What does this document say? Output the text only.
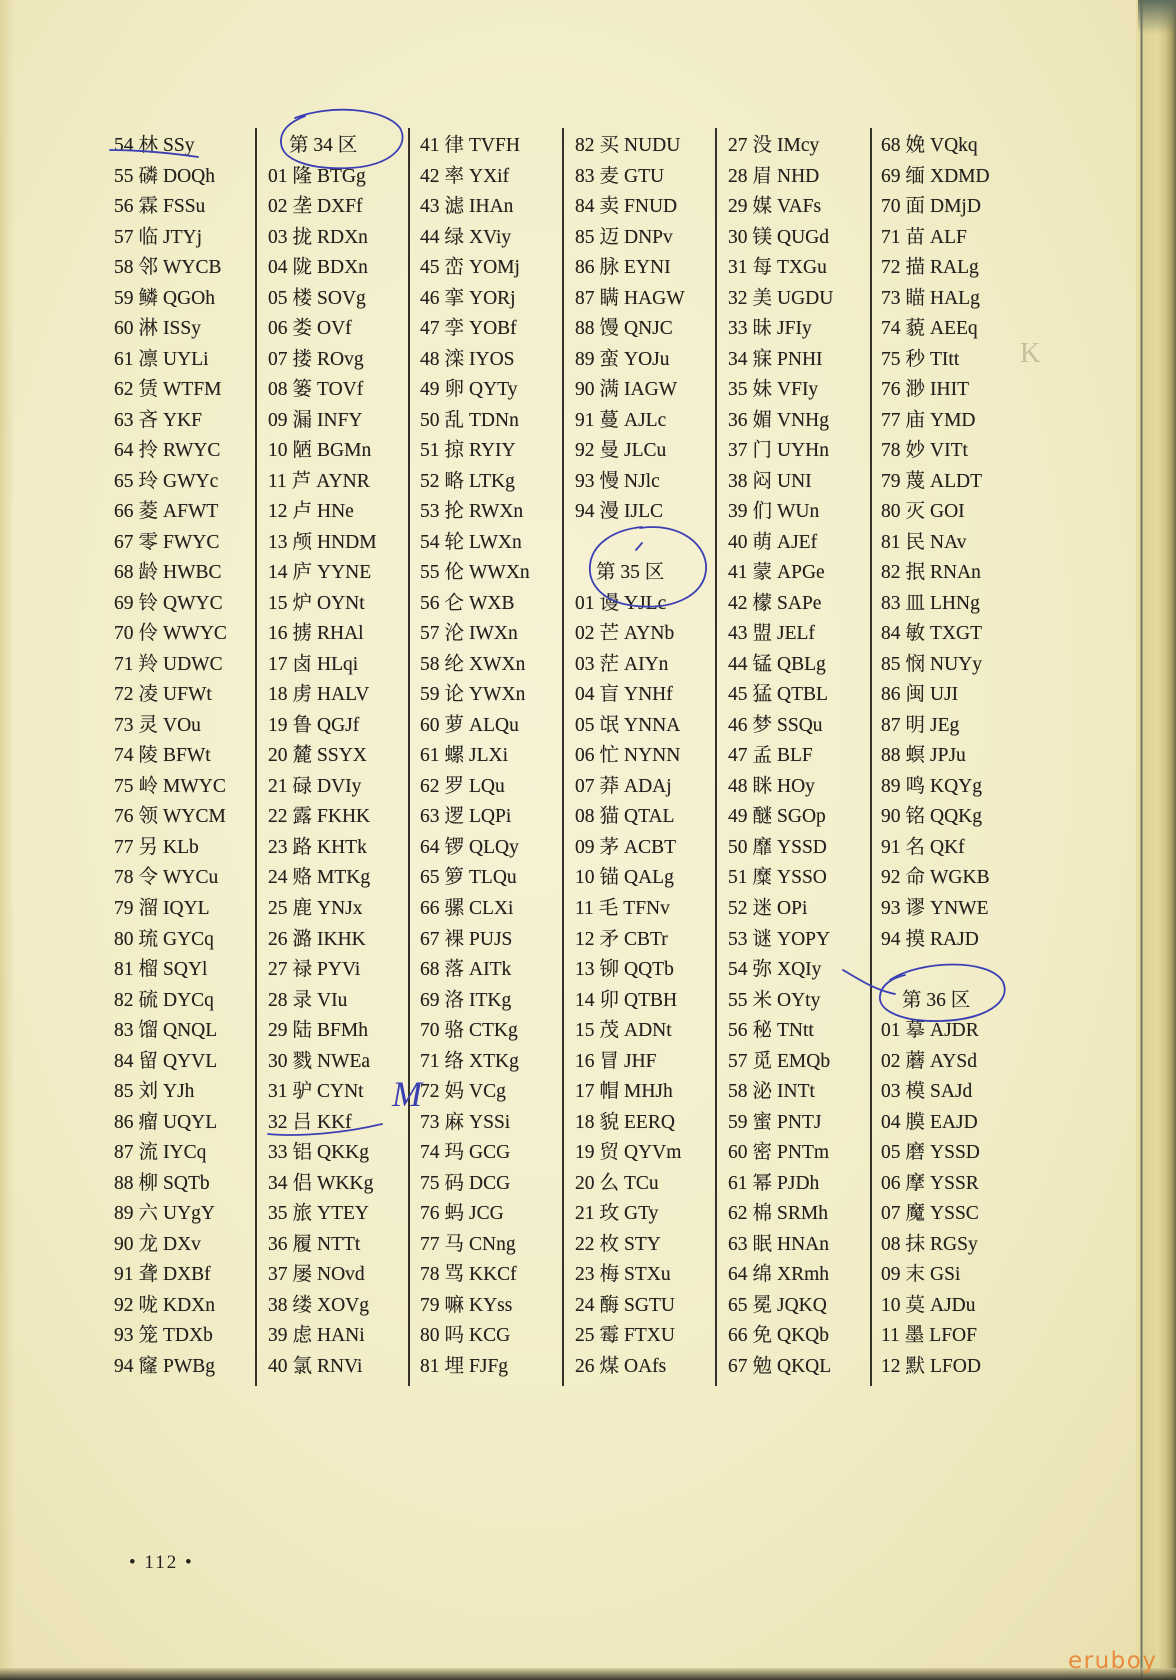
54 林 SSy
55 磷 DOQh
56 霖 FSSu
57 临 JTYj
58 邻 WYCB
59 鳞 QGOh
60 淋 ISSy
61 凛 UYLi
62 赁 WTFM
63 吝 YKF
64 拎 RWYC
65 玲 GWYc
66 菱 AFWT
67 零 FWYC
68 龄 HWBC
69 铃 QWYC
70 伶 WWYC
71 羚 UDWC
72 凌 UFWt
73 灵 VOu
74 陵 BFWt
75 岭 MWYC
76 领 WYCM
77 另 KLb
78 令 WYCu
79 溜 IQYL
80 琉 GYCq
81 榴 SQYl
82 硫 DYCq
83 馏 QNQL
84 留 QYVL
85 刘 YJh
86 瘤 UQYL
87 流 IYCq
88 柳 SQTb
89 六 UYgY
90 龙 DXv
91 聋 DXBf
92 咙 KDXn
93 笼 TDXb
94 窿 PWBg
第 34 区
01 隆 BTGg
02 垄 DXFf
03 拢 RDXn
04 陇 BDXn
05 楼 SOVg
06 娄 OVf
07 搂 ROvg
08 篓 TOVf
09 漏 INFY
10 陋 BGMn
11 芦 AYNR
12 卢 HNe
13 颅 HNDM
14 庐 YYNE
15 炉 OYNt
16 掳 RHAl
17 卤 HLqi
18 虏 HALV
19 鲁 QGJf
20 麓 SSYX
21 碌 DVIy
22 露 FKHK
23 路 KHTk
24 赂 MTKg
25 鹿 YNJx
26 潞 IKHK
27 禄 PYVi
28 录 VIu
29 陆 BFMh
30 戮 NWEa
31 驴 CYNt
32 吕 KKf
33 铝 QKKg
34 侣 WKKg
35 旅 YTEY
36 履 NTTt
37 屡 NOvd
38 缕 XOVg
39 虑 HANi
40 氯 RNVi
41 律 TVFH
42 率 YXif
43 滤 IHAn
44 绿 XViy
45 峦 YOMj
46 挛 YORj
47 孪 YOBf
48 滦 IYOS
49 卵 QYTy
50 乱 TDNn
51 掠 RYIY
52 略 LTKg
53 抡 RWXn
54 轮 LWXn
55 伦 WWXn
56 仑 WXB
57 沦 IWXn
58 纶 XWXn
59 论 YWXn
60 萝 ALQu
61 螺 JLXi
62 罗 LQu
63 逻 LQPi
64 锣 QLQy
65 箩 TLQu
66 骡 CLXi
67 裸 PUJS
68 落 AITk
69 洛 ITKg
70 骆 CTKg
71 络 XTKg
72 妈 VCg
73 麻 YSSi
74 玛 GCG
75 码 DCG
76 蚂 JCG
77 马 CNng
78 骂 KKCf
79 嘛 KYss
80 吗 KCG
81 埋 FJFg
82 买 NUDU
83 麦 GTU
84 卖 FNUD
85 迈 DNPv
86 脉 EYNI
87 瞒 HAGW
88 馒 QNJC
89 蛮 YOJu
90 满 IAGW
91 蔓 AJLc
92 曼 JLCu
93 慢 NJlc
94 漫 IJLC
第 35 区
01 谩 YJLc
02 芒 AYNb
03 茫 AIYn
04 盲 YNHf
05 氓 YNNA
06 忙 NYNN
07 莽 ADAj
08 猫 QTAL
09 茅 ACBT
10 锚 QALg
11 毛 TFNv
12 矛 CBTr
13 铆 QQTb
14 卯 QTBH
15 茂 ADNt
16 冒 JHF
17 帽 MHJh
18 貌 EERQ
19 贸 QYVm
20 么 TCu
21 玫 GTy
22 枚 STY
23 梅 STXu
24 酶 SGTU
25 霉 FTXU
26 煤 OAfs
27 没 IMcy
28 眉 NHD
29 媒 VAFs
30 镁 QUGd
31 每 TXGu
32 美 UGDU
33 昧 JFIy
34 寐 PNHI
35 妹 VFIy
36 媚 VNHg
37 门 UYHn
38 闷 UNI
39 们 WUn
40 萌 AJEf
41 蒙 APGe
42 檬 SAPe
43 盟 JELf
44 锰 QBLg
45 猛 QTBL
46 梦 SSQu
47 孟 BLF
48 眯 HOy
49 醚 SGOp
50 靡 YSSD
51 糜 YSSO
52 迷 OPi
53 谜 YOPY
54 弥 XQIy
55 米 OYty
56 秘 TNtt
57 觅 EMQb
58 泌 INTt
59 蜜 PNTJ
60 密 PNTm
61 幂 PJDh
62 棉 SRMh
63 眠 HNAn
64 绵 XRmh
65 冕 JQKQ
66 免 QKQb
67 勉 QKQL
68 娩 VQkq
69 缅 XDMD
70 面 DMjD
71 苗 ALF
72 描 RALg
73 瞄 HALg
74 藐 AEEq
75 秒 TItt
76 渺 IHIT
77 庙 YMD
78 妙 VITt
79 蔑 ALDT
80 灭 GOI
81 民 NAv
82 抿 RNAn
83 皿 LHNg
84 敏 TXGT
85 悯 NUYy
86 闽 UJI
87 明 JEg
88 螟 JPJu
89 鸣 KQYg
90 铭 QQKg
91 名 QKf
92 命 WGKB
93 谬 YNWE
94 摸 RAJD
第 36 区
01 摹 AJDR
02 蘑 AYSd
03 模 SAJd
04 膜 EAJD
05 磨 YSSD
06 摩 YSSR
07 魔 YSSC
08 抹 RGSy
09 末 GSi
10 莫 AJDu
11 墨 LFOF
12 默 LFOD
K
M
• 112 •
eruboy
